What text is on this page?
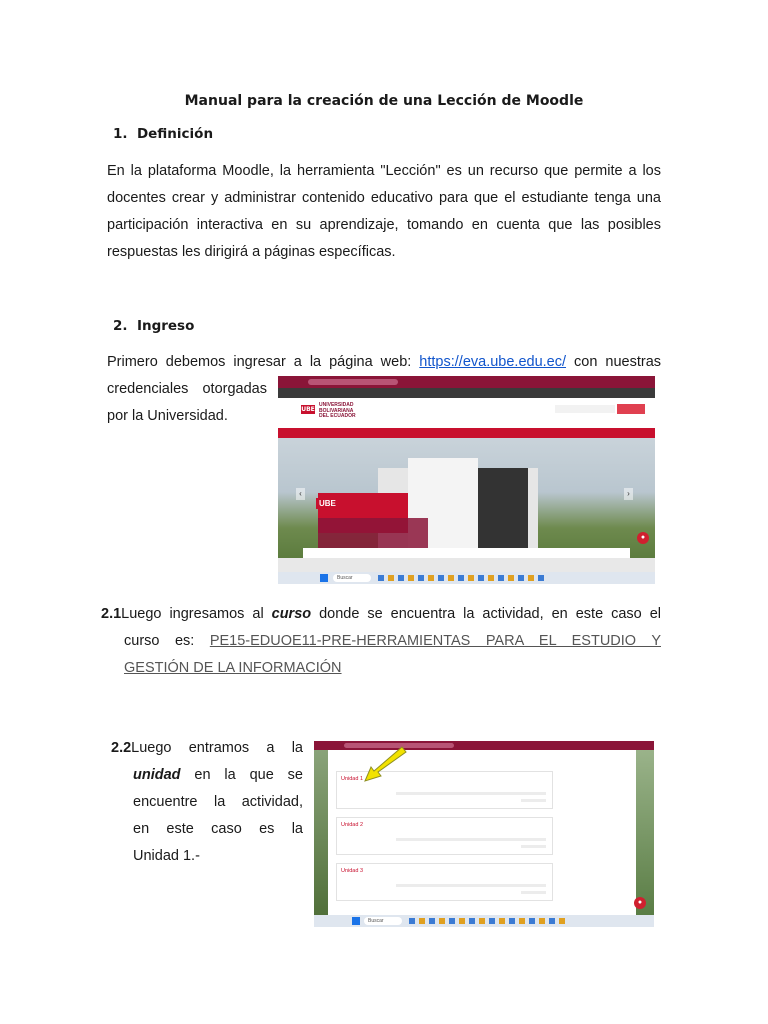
Manual para la creación de una Lección de Moodle
1. Definición
En la plataforma Moodle, la herramienta "Lección" es un recurso que permite a los
docentes crear y administrar contenido educativo para que el estudiante tenga una
participación interactiva en su aprendizaje, tomando en cuenta que las posibles
respuestas les dirigirá a páginas específicas.
2. Ingreso
Primero debemos ingresar a la página web: https://eva.ube.edu.ec/ con nuestras
credenciales otorgadas
por la Universidad.	UBE
UNIVERSIDAD
BOLIVARIANA
DEL ECUADOR
UBE
‹	›
●
Buscar
2.1Luego ingresamos al curso donde se encuentra la actividad, en este caso el
curso es: PE15-EDUOE11-PRE-HERRAMIENTAS PARA EL ESTUDIO Y
GESTIÓN DE LA INFORMACIÓN
2.2Luego entramos a la
unidad en la que se
encuentre la actividad,
en este caso es la
Unidad 1.-
Unidad 1
Unidad 2
Unidad 3
●
Buscar
